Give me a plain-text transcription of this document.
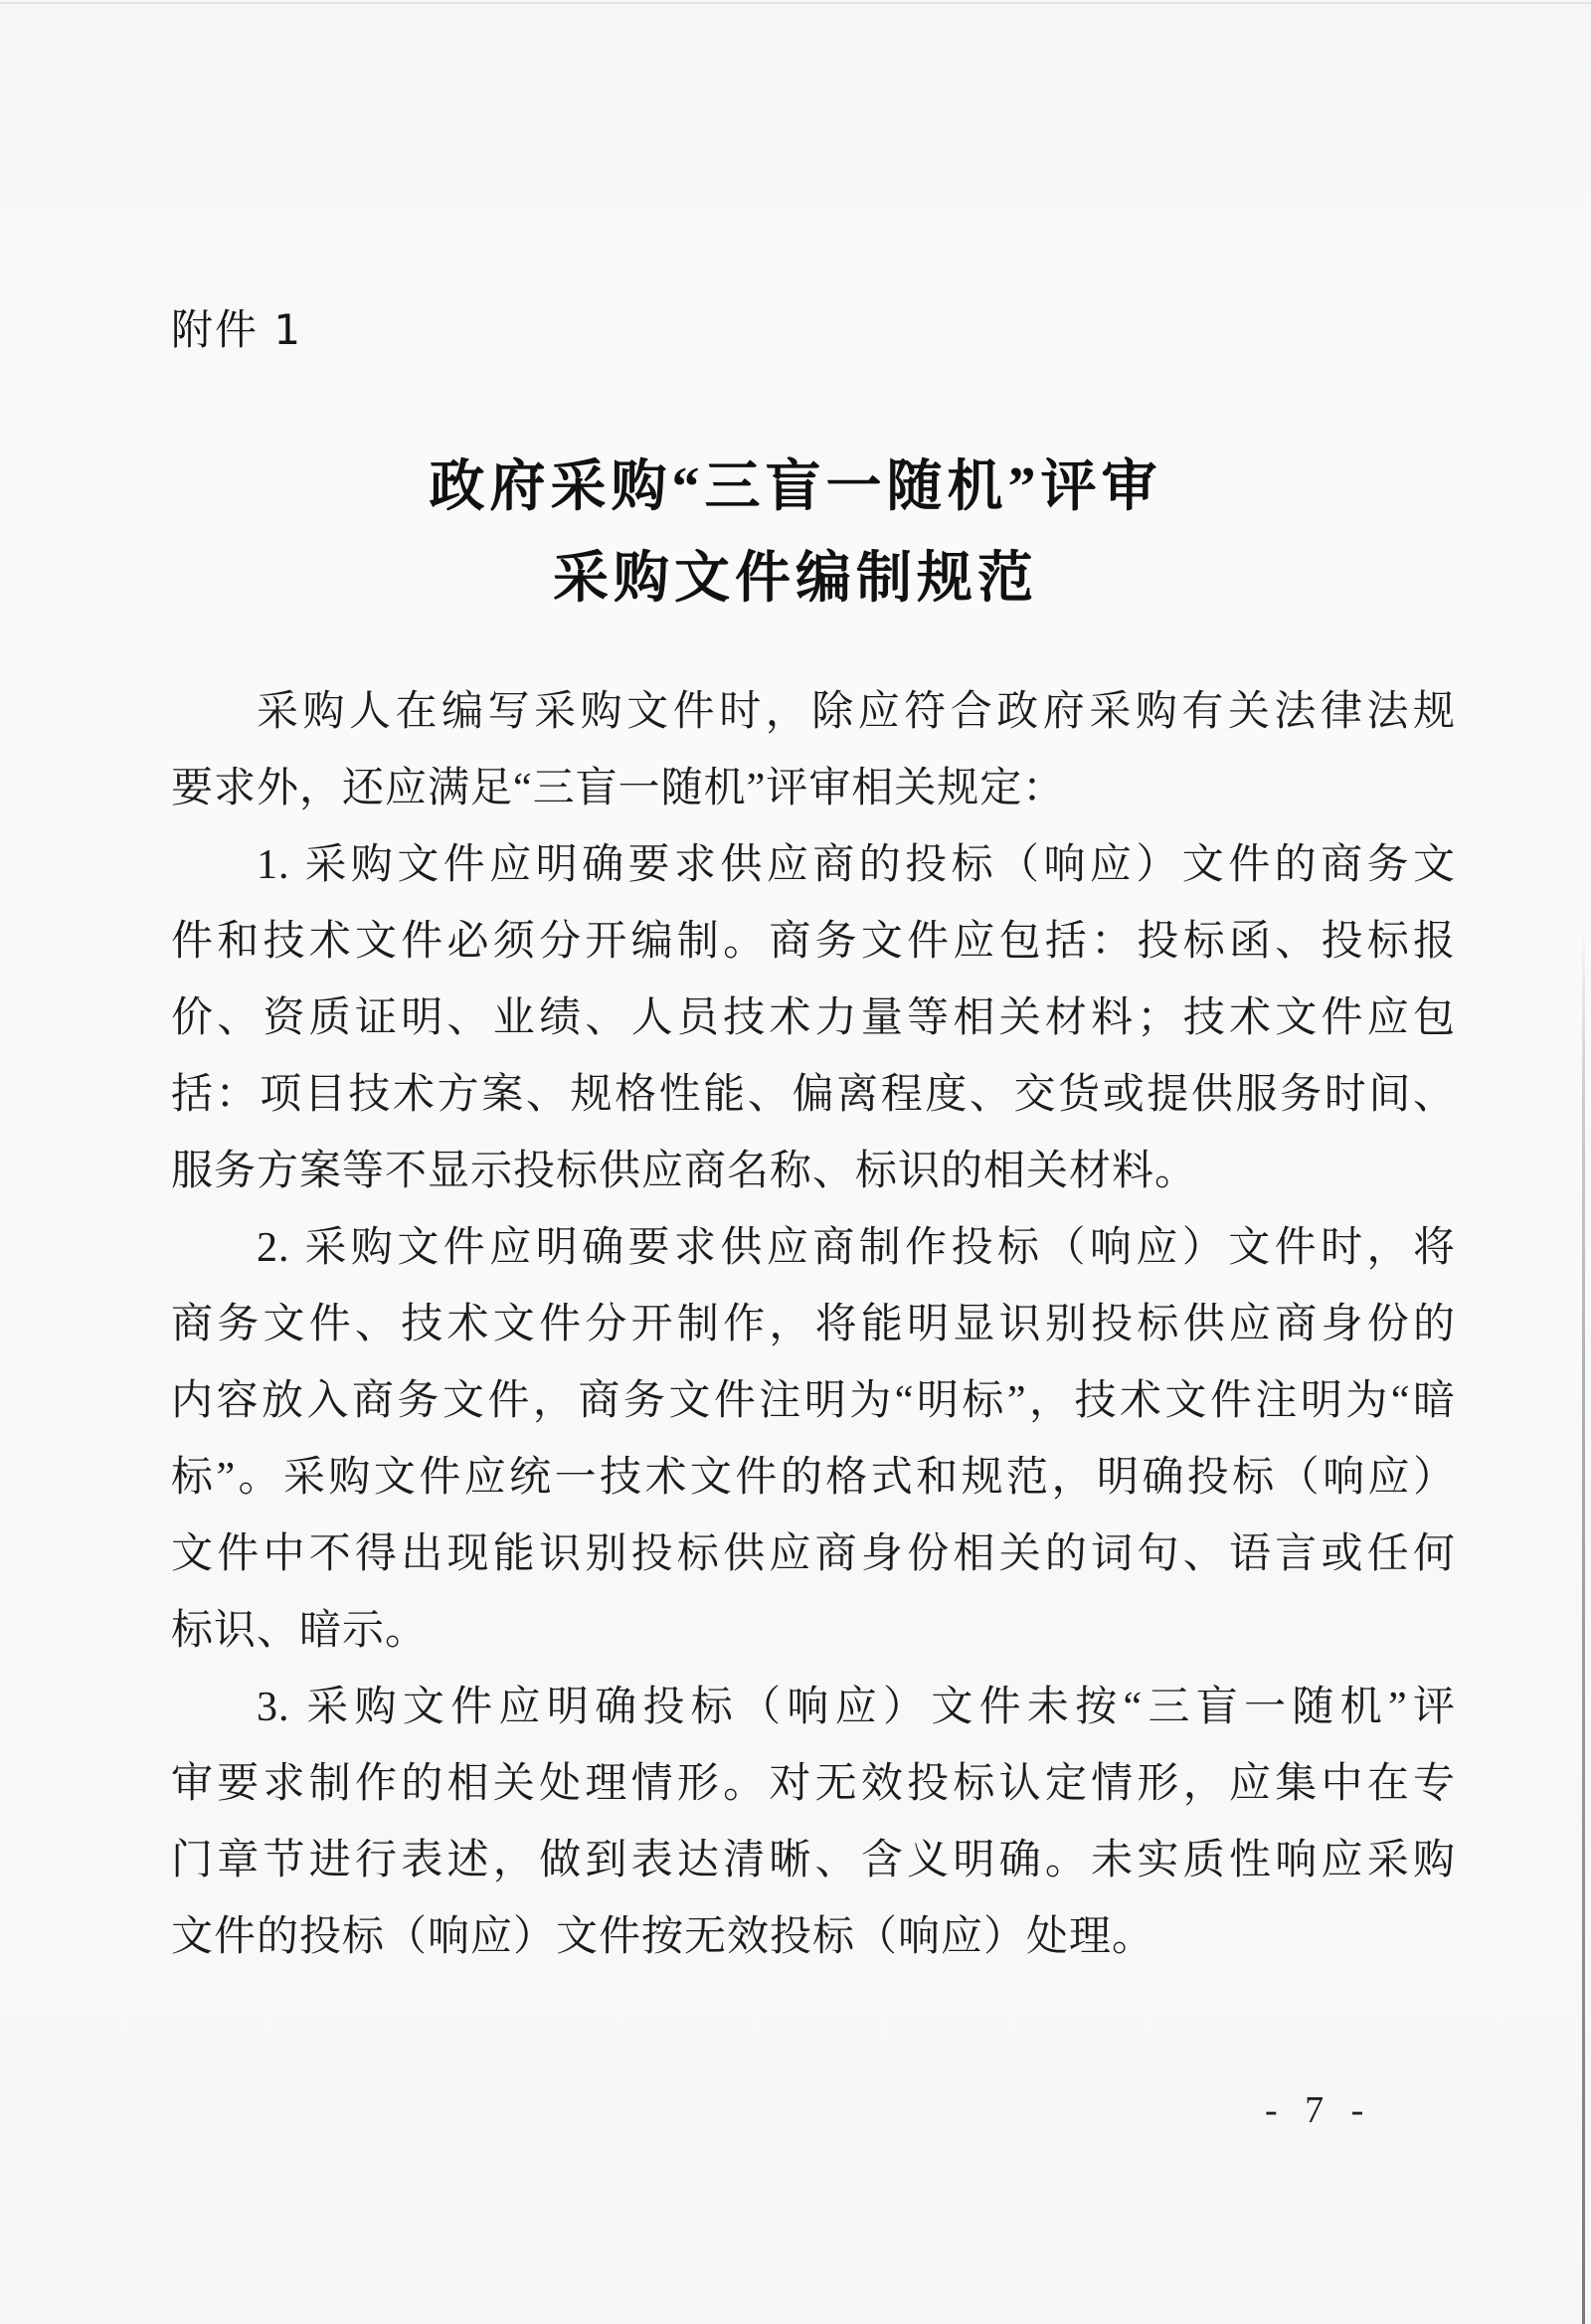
附件 1
政府采购“三盲一随机”评审
采购文件编制规范
采购人在编写采购文件时，除应符合政府采购有关法律法规
要求外，还应满足“三盲一随机”评审相关规定：
1. 采购文件应明确要求供应商的投标（响应）文件的商务文
件和技术文件必须分开编制。商务文件应包括：投标函、投标报
价、资质证明、业绩、人员技术力量等相关材料；技术文件应包
括：项目技术方案、规格性能、偏离程度、交货或提供服务时间、
服务方案等不显示投标供应商名称、标识的相关材料。
2. 采购文件应明确要求供应商制作投标（响应）文件时，将
商务文件、技术文件分开制作，将能明显识别投标供应商身份的
内容放入商务文件，商务文件注明为“明标”，技术文件注明为“暗
标”。采购文件应统一技术文件的格式和规范，明确投标（响应）
文件中不得出现能识别投标供应商身份相关的词句、语言或任何
标识、暗示。
3. 采购文件应明确投标（响应）文件未按“三盲一随机”评
审要求制作的相关处理情形。对无效投标认定情形，应集中在专
门章节进行表述，做到表达清晰、含义明确。未实质性响应采购
文件的投标（响应）文件按无效投标（响应）处理。
- 7 -
